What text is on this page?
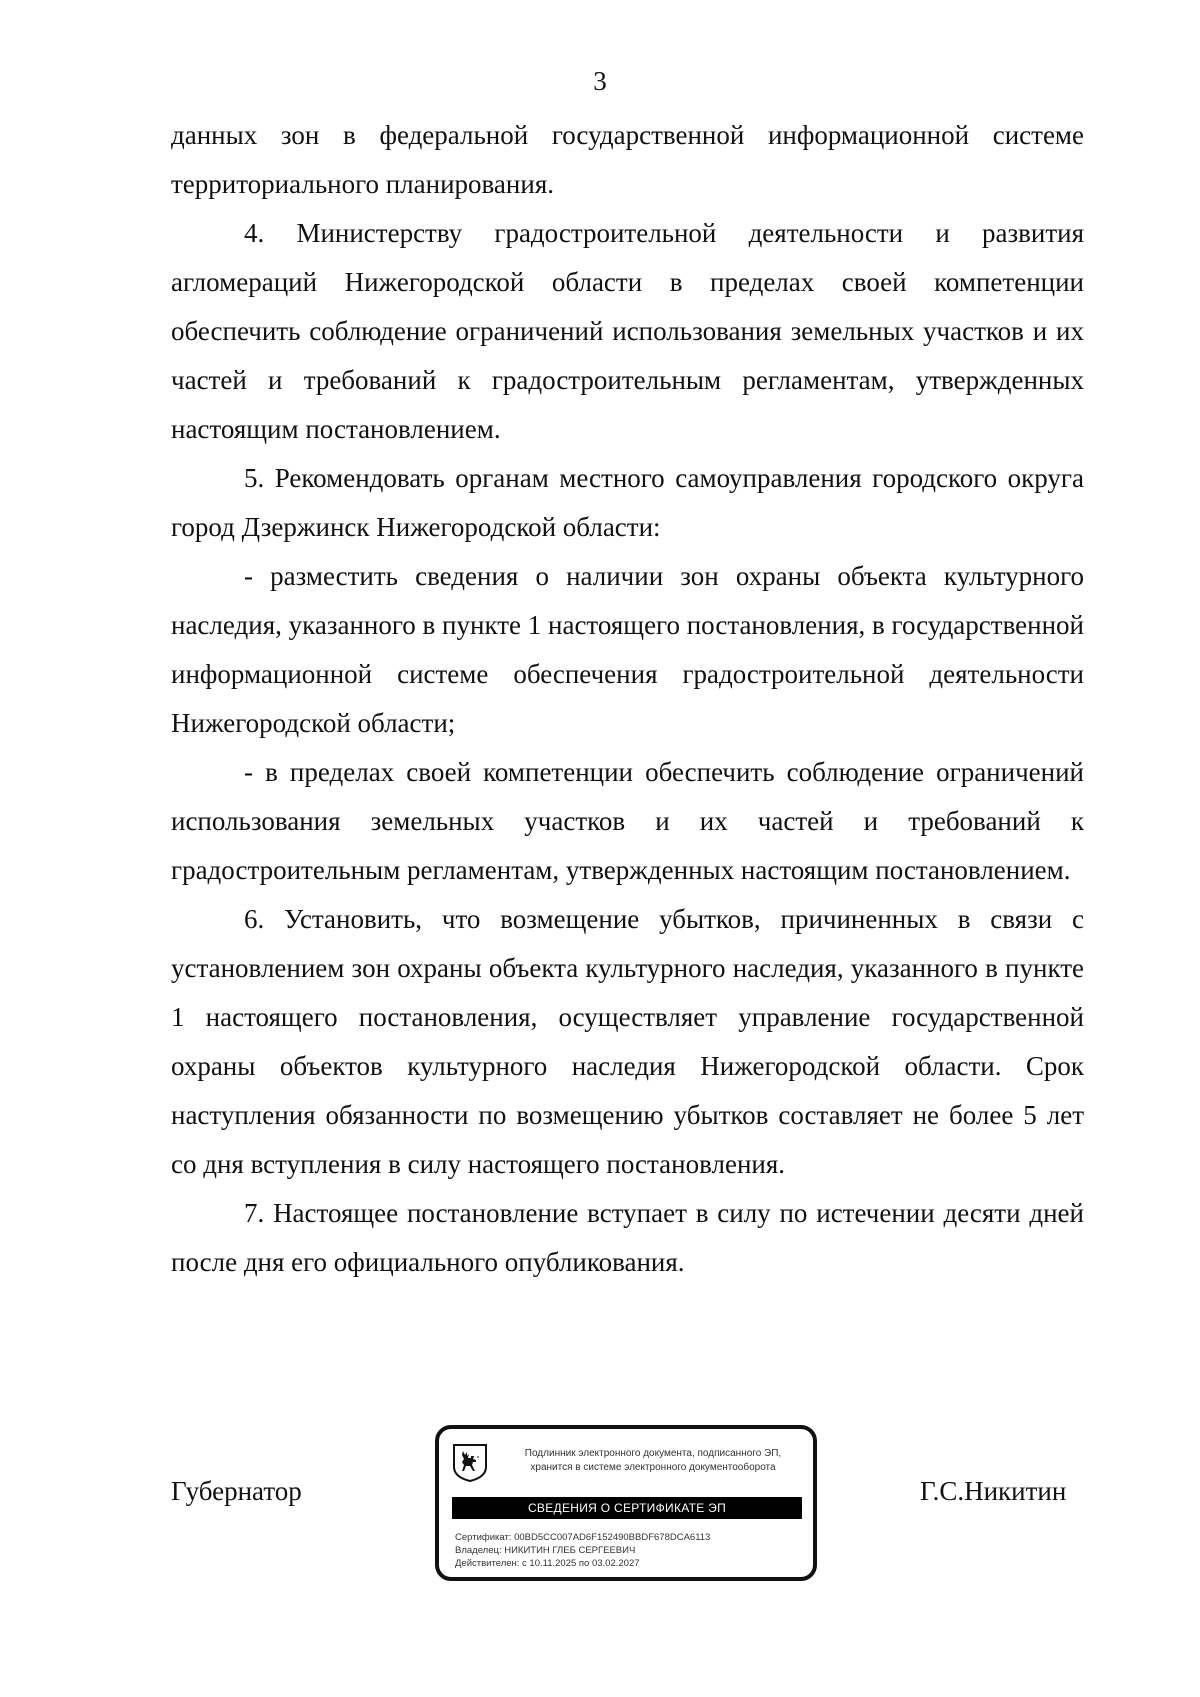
3

данных зон в федеральной государственной информационной системе территориального планирования.

4. Министерству градостроительной деятельности и развития агломераций Нижегородской области в пределах своей компетенции обеспечить соблюдение ограничений использования земельных участков и их частей и требований к градостроительным регламентам, утвержденных настоящим постановлением.

5. Рекомендовать органам местного самоуправления городского округа город Дзержинск Нижегородской области:

- разместить сведения о наличии зон охраны объекта культурного наследия, указанного в пункте 1 настоящего постановления, в государственной информационной системе обеспечения градостроительной деятельности Нижегородской области;

- в пределах своей компетенции обеспечить соблюдение ограничений использования земельных участков и их частей и требований к градостроительным регламентам, утвержденных настоящим постановлением.

6. Установить, что возмещение убытков, причиненных в связи с установлением зон охраны объекта культурного наследия, указанного в пункте 1 настоящего постановления, осуществляет управление государственной охраны объектов культурного наследия Нижегородской области. Срок наступления обязанности по возмещению убытков составляет не более 5 лет со дня вступления в силу настоящего постановления.

7. Настоящее постановление вступает в силу по истечении десяти дней после дня его официального опубликования.

Губернатор
Подлинник электронного документа, подписанного ЭП,
хранится в системе электронного документооборота
СВЕДЕНИЯ О СЕРТИФИКАТЕ ЭП
Сертификат: 00BD5CC007AD6F152490BBDF678DCA6113
Владелец: НИКИТИН ГЛЕБ СЕРГЕЕВИЧ
Действителен: с 10.11.2025 по 03.02.2027
Г.С.Никитин
